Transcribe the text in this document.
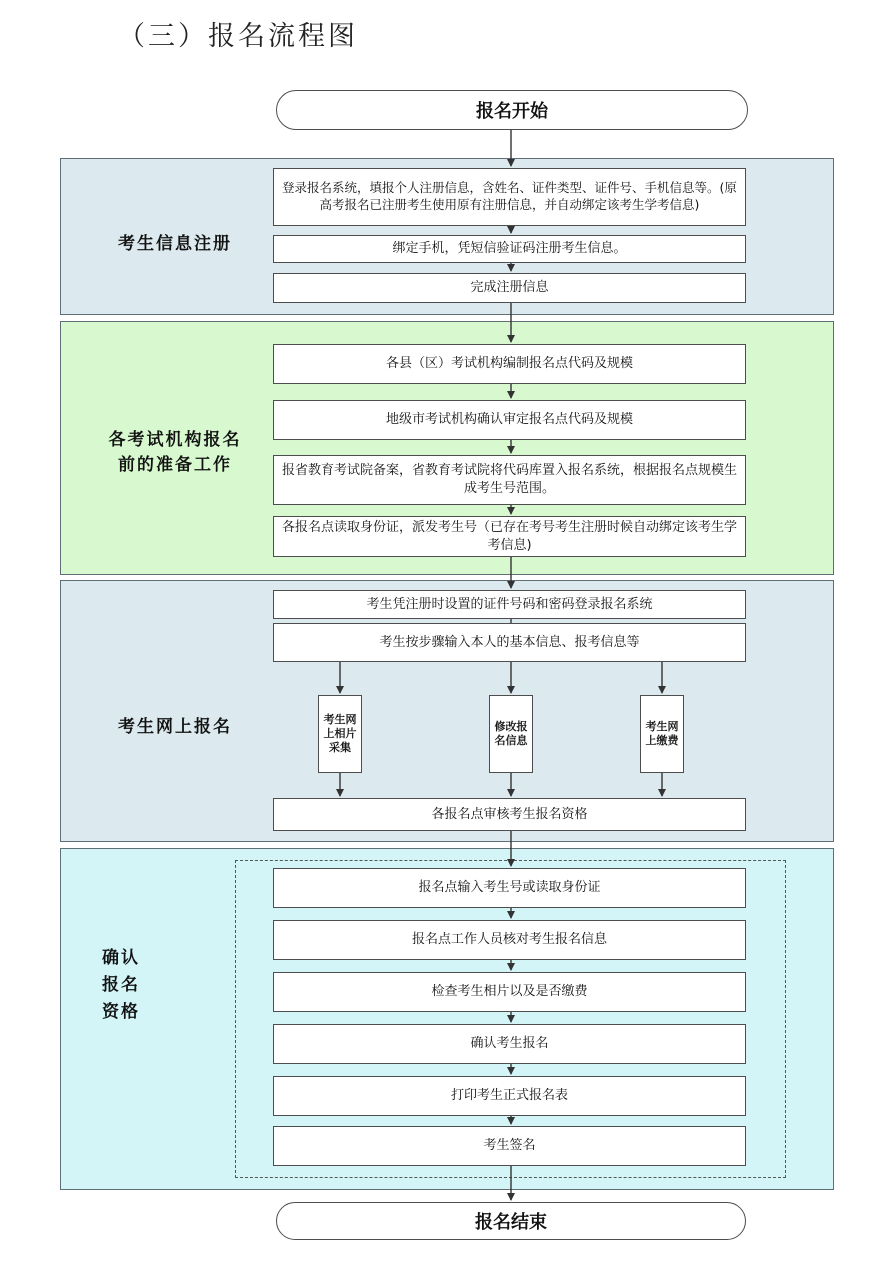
（三）报名流程图
报名开始
考生信息注册
登录报名系统，填报个人注册信息，含姓名、证件类型、证件号、手机信息等。(原高考报名已注册考生使用原有注册信息，并自动绑定该考生学考信息)
绑定手机，凭短信验证码注册考生信息。
完成注册信息
各考试机构报名
前的准备工作
各县（区）考试机构编制报名点代码及规模
地级市考试机构确认审定报名点代码及规模
报省教育考试院备案，省教育考试院将代码库置入报名系统，根据报名点规模生成考生号范围。
各报名点读取身份证，派发考生号（已存在考号考生注册时候自动绑定该考生学考信息)
考生网上报名
考生凭注册时设置的证件号码和密码登录报名系统
考生按步骤输入本人的基本信息、报考信息等
考生网上相片采集
修改报名信息
考生网上缴费
各报名点审核考生报名资格
确认
报名
资格
报名点输入考生号或读取身份证
报名点工作人员核对考生报名信息
检查考生相片以及是否缴费
确认考生报名
打印考生正式报名表
考生签名
报名结束
